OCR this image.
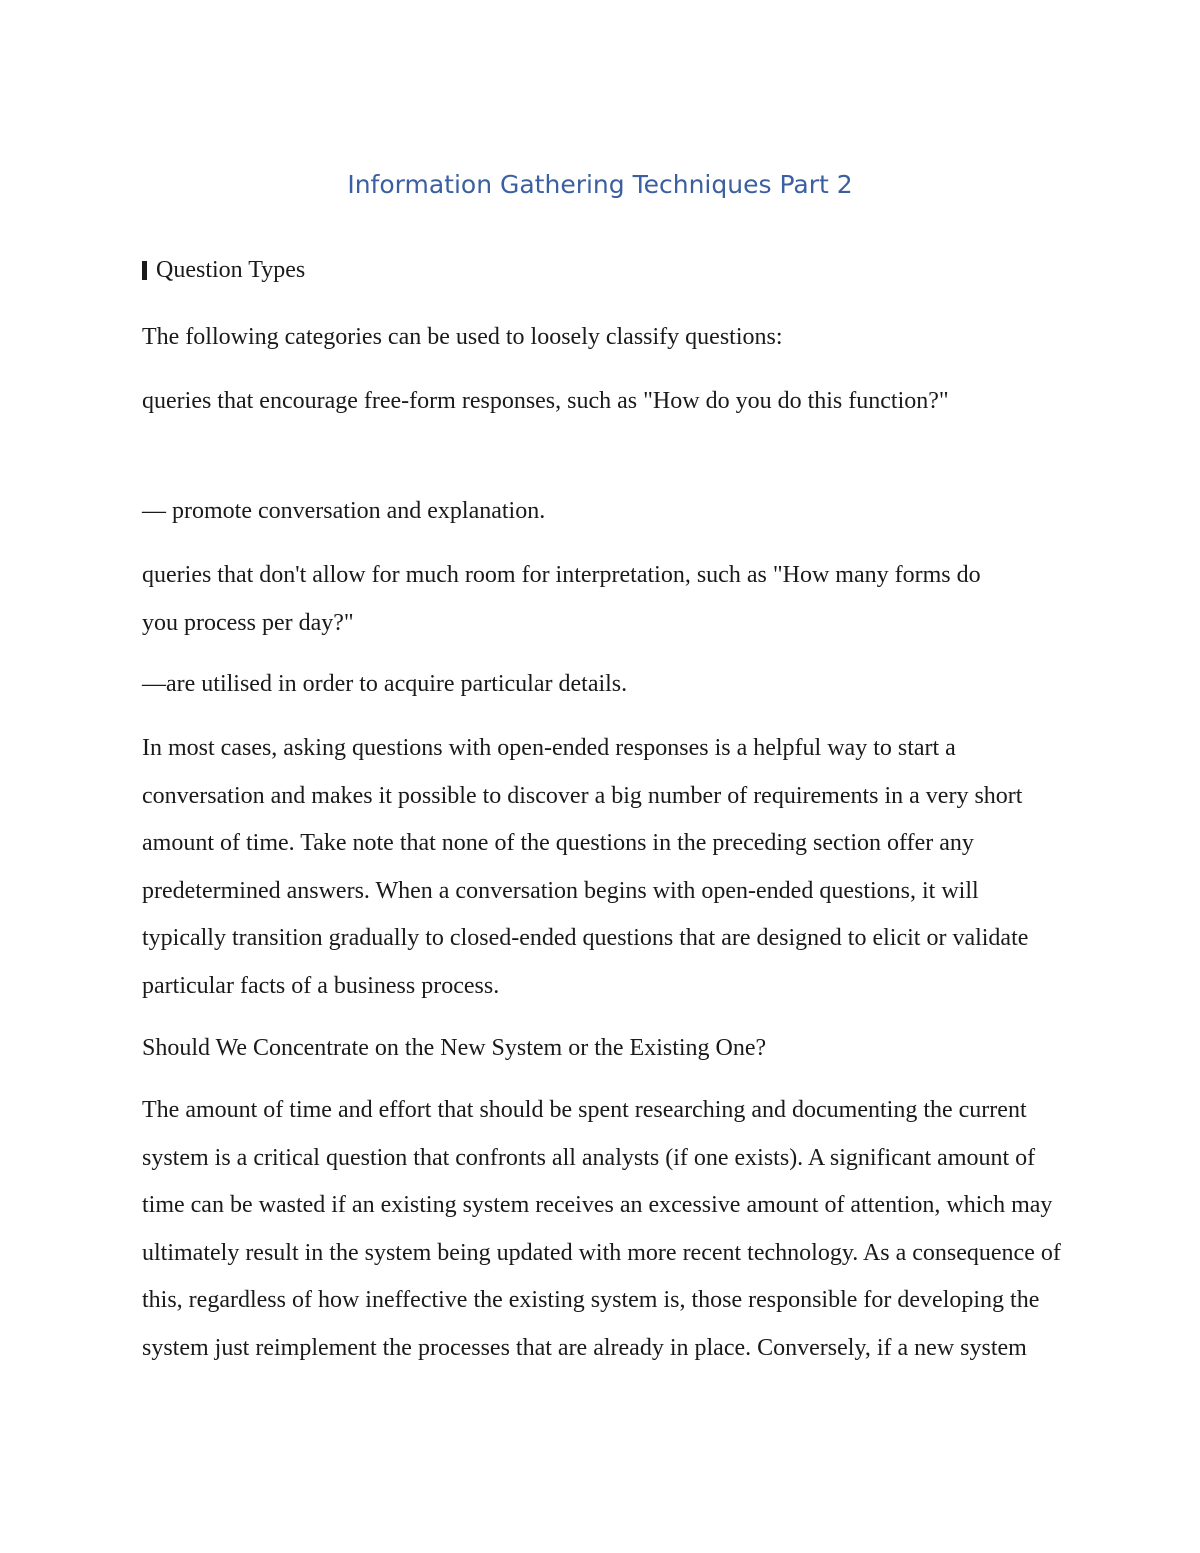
Information Gathering Techniques Part 2
Question Types

The following categories can be used to loosely classify questions:

queries that encourage free-form responses, such as "How do you do this function?"

— promote conversation and explanation.

queries that don't allow for much room for interpretation, such as "How many forms do you process per day?"

—are utilised in order to acquire particular details.

In most cases, asking questions with open-ended responses is a helpful way to start a conversation and makes it possible to discover a big number of requirements in a very short amount of time. Take note that none of the questions in the preceding section offer any predetermined answers. When a conversation begins with open-ended questions, it will typically transition gradually to closed-ended questions that are designed to elicit or validate particular facts of a business process.

Should We Concentrate on the New System or the Existing One?

The amount of time and effort that should be spent researching and documenting the current system is a critical question that confronts all analysts (if one exists). A significant amount of time can be wasted if an existing system receives an excessive amount of attention, which may ultimately result in the system being updated with more recent technology. As a consequence of this, regardless of how ineffective the existing system is, those responsible for developing the system just reimplement the processes that are already in place. Conversely, if a new system
